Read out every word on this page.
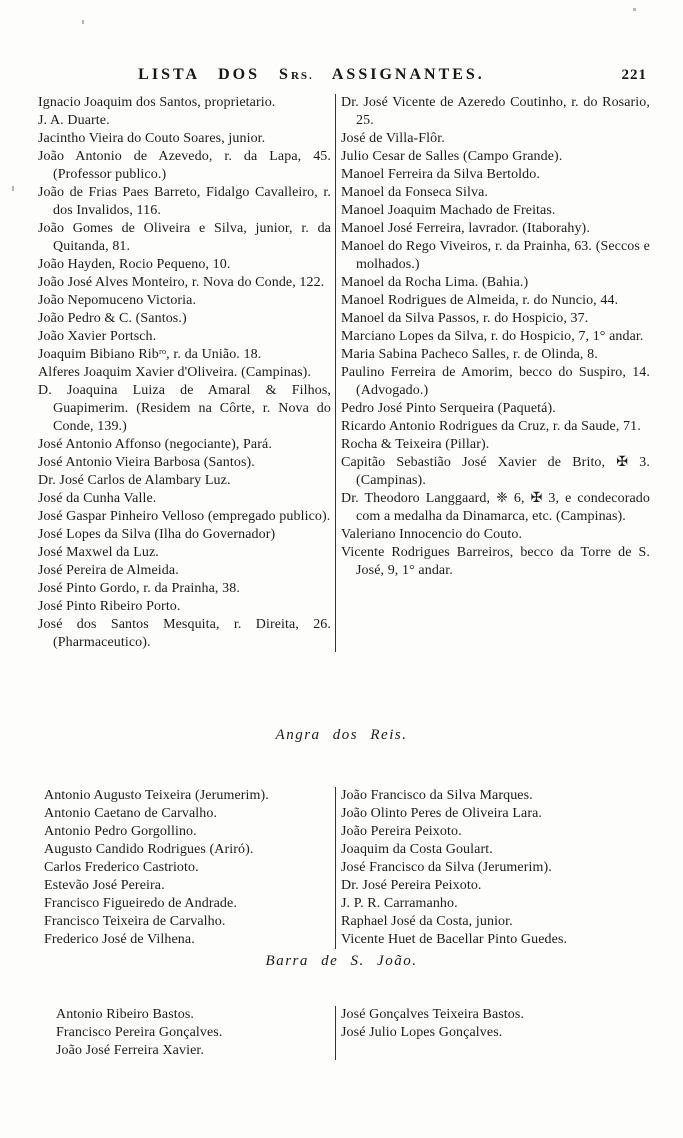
LISTA DOS SRS. ASSIGNANTES.	221
Ignacio Joaquim dos Santos, proprietario.
J. A. Duarte.
Jacintho Vieira do Couto Soares, junior.
João Antonio de Azevedo, r. da Lapa, 45. (Professor publico.)
João de Frias Paes Barreto, Fidalgo Cavalleiro, r. dos Invalidos, 116.
João Gomes de Oliveira e Silva, junior, r. da Quitanda, 81.
João Hayden, Rocio Pequeno, 10.
João José Alves Monteiro, r. Nova do Conde, 122.
João Nepomuceno Victoria.
João Pedro & C. (Santos.)
João Xavier Portsch.
Joaquim Bibiano Ribʳᵒ, r. da União. 18.
Alferes Joaquim Xavier d'Oliveira. (Campinas).
D. Joaquina Luiza de Amaral & Filhos, Guapimerim. (Residem na Côrte, r. Nova do Conde, 139.)
José Antonio Affonso (negociante), Pará.
José Antonio Vieira Barbosa (Santos).
Dr. José Carlos de Alambary Luz.
José da Cunha Valle.
José Gaspar Pinheiro Velloso (empregado publico).
José Lopes da Silva (Ilha do Governador)
José Maxwel da Luz.
José Pereira de Almeida.
José Pinto Gordo, r. da Prainha, 38.
José Pinto Ribeiro Porto.
José dos Santos Mesquita, r. Direita, 26. (Pharmaceutico).
Dr. José Vicente de Azeredo Coutinho, r. do Rosario, 25.
José de Villa-Flôr.
Julio Cesar de Salles (Campo Grande).
Manoel Ferreira da Silva Bertoldo.
Manoel da Fonseca Silva.
Manoel Joaquim Machado de Freitas.
Manoel José Ferreira, lavrador. (Itaborahy).
Manoel do Rego Viveiros, r. da Prainha, 63. (Seccos e molhados.)
Manoel da Rocha Lima. (Bahia.)
Manoel Rodrigues de Almeida, r. do Nuncio, 44.
Manoel da Silva Passos, r. do Hospicio, 37.
Marciano Lopes da Silva, r. do Hospicio, 7, 1° andar.
Maria Sabina Pacheco Salles, r. de Olinda, 8.
Paulino Ferreira de Amorim, becco do Suspiro, 14. (Advogado.)
Pedro José Pinto Serqueira (Paquetá).
Ricardo Antonio Rodrigues da Cruz, r. da Saude, 71.
Rocha & Teixeira (Pillar).
Capitão Sebastião José Xavier de Brito, ✠ 3. (Campinas).
Dr. Theodoro Langgaard, ❈ 6, ✠ 3, e condecorado com a medalha da Dinamarca, etc. (Campinas).
Valeriano Innocencio do Couto.
Vicente Rodrigues Barreiros, becco da Torre de S. José, 9, 1° andar.
Angra dos Reis.
Antonio Augusto Teixeira (Jerumerim).
Antonio Caetano de Carvalho.
Antonio Pedro Gorgollino.
Augusto Candido Rodrigues (Ariró).
Carlos Frederico Castrioto.
Estevão José Pereira.
Francisco Figueiredo de Andrade.
Francisco Teixeira de Carvalho.
Frederico José de Vilhena.
João Francisco da Silva Marques.
João Olinto Peres de Oliveira Lara.
João Pereira Peixoto.
Joaquim da Costa Goulart.
José Francisco da Silva (Jerumerim).
Dr. José Pereira Peixoto.
J. P. R. Carramanho.
Raphael José da Costa, junior.
Vicente Huet de Bacellar Pinto Guedes.
Barra de S. João.
Antonio Ribeiro Bastos.
Francisco Pereira Gonçalves.
João José Ferreira Xavier.
José Gonçalves Teixeira Bastos.
José Julio Lopes Gonçalves.
